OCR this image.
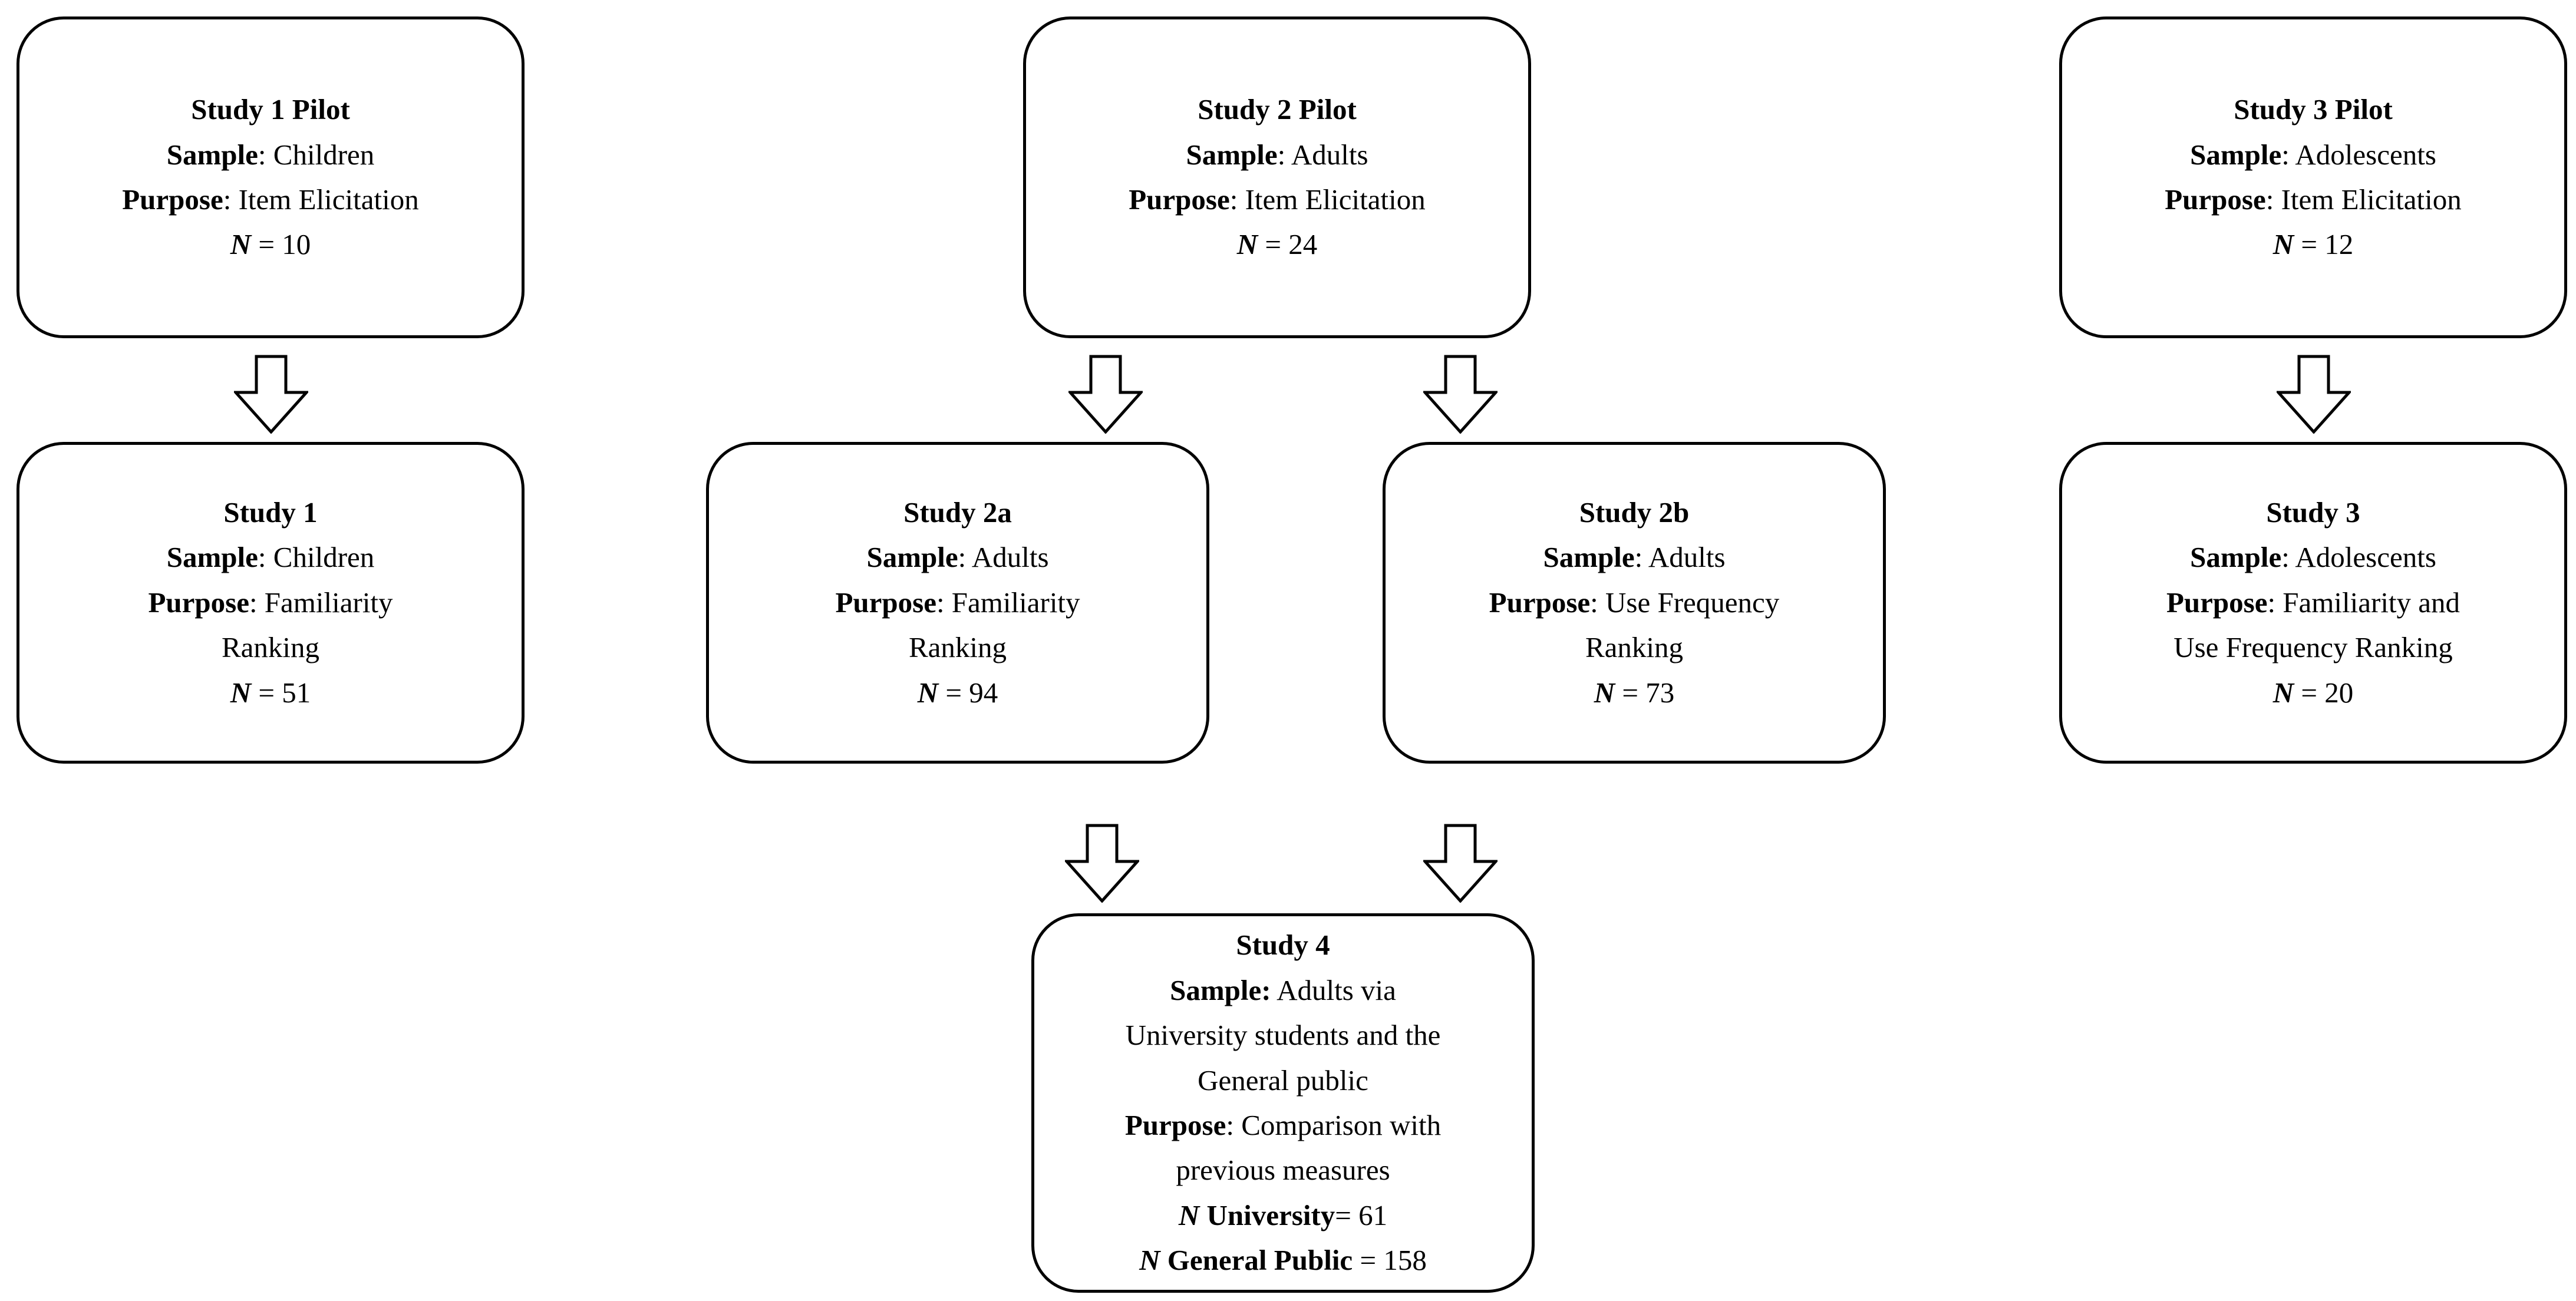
Study 1 Pilot
Sample: Children
Purpose: Item Elicitation
N = 10
Study 2 Pilot
Sample: Adults
Purpose: Item Elicitation
N = 24
Study 3 Pilot
Sample: Adolescents
Purpose: Item Elicitation
N = 12
Study 1
Sample: Children
Purpose: Familiarity
Ranking
N = 51
Study 2a
Sample: Adults
Purpose: Familiarity
Ranking
N = 94
Study 2b
Sample: Adults
Purpose: Use Frequency
Ranking
N = 73
Study 3
Sample: Adolescents
Purpose: Familiarity and
Use Frequency Ranking
N = 20
Study 4
Sample: Adults via
University students and the
General public
Purpose: Comparison with
previous measures
N University= 61
N General Public = 158
